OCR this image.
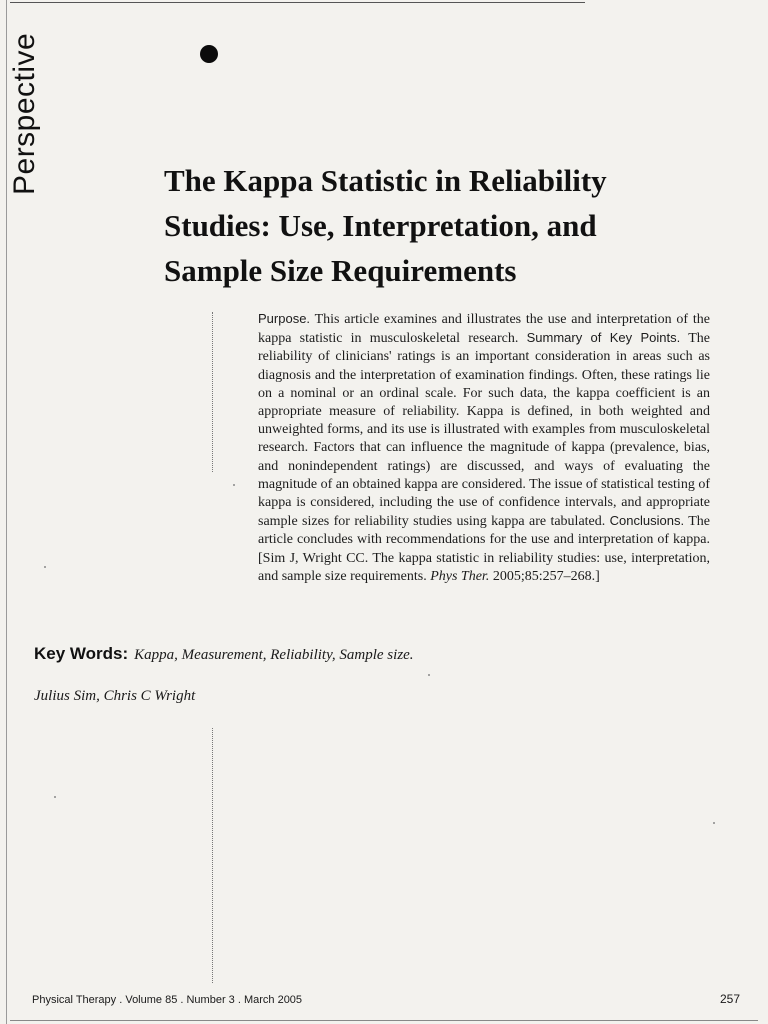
Perspective	The Kappa Statistic in Reliability
Studies: Use, Interpretation, and
Sample Size Requirements
Purpose. This article examines and illustrates the use and interpretation of the kappa statistic in musculoskeletal research. Summary of Key Points. The reliability of clinicians' ratings is an important consideration in areas such as diagnosis and the interpretation of examination findings. Often, these ratings lie on a nominal or an ordinal scale. For such data, the kappa coefficient is an appropriate measure of reliability. Kappa is defined, in both weighted and unweighted forms, and its use is illustrated with examples from musculoskeletal research. Factors that can influence the magnitude of kappa (prevalence, bias, and nonindependent ratings) are discussed, and ways of evaluating the magnitude of an obtained kappa are considered. The issue of statistical testing of kappa is considered, including the use of confidence intervals, and appropriate sample sizes for reliability studies using kappa are tabulated. Conclusions. The article concludes with recommendations for the use and interpretation of kappa. [Sim J, Wright CC. The kappa statistic in reliability studies: use, interpretation, and sample size requirements. Phys Ther. 2005;85:257–268.]
Key Words: Kappa, Measurement, Reliability, Sample size.
Julius Sim, Chris C Wright
Physical Therapy . Volume 85 . Number 3 . March 2005	257
